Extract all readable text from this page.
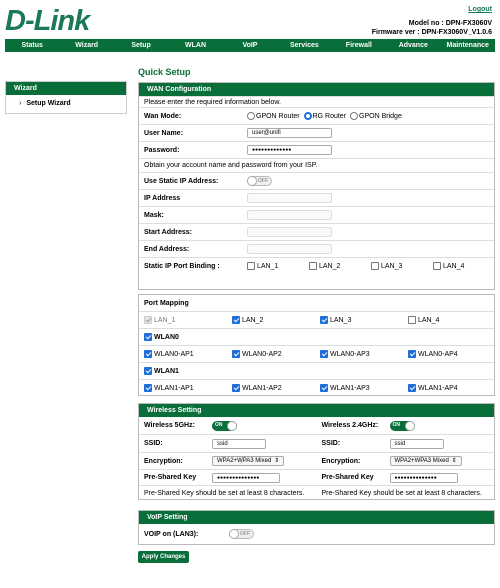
D-Link	Logout
Model no : DPN-FX3060V
Firmware ver : DPN-FX3060V_V1.0.6
Status	Wizard	Setup	WLAN	VoIP	Services	Firewall	Advance	Maintenance
Wizard
› Setup Wizard
Quick Setup
WAN Configuration
Please enter the required information below.
Wan Mode:	GPON Router RG Router GPON Bridge
User Name:	user@unifi
Password:	●●●●●●●●●●●●●
Obtain your account name and password from your ISP.
Use Static IP Address:	OFF
IP Address
Mask:
Start Address:
End Address:
Static IP Port Binding :	LAN_1	LAN_2	LAN_3	LAN_4
Port Mapping
LAN_1	LAN_2	LAN_3	LAN_4
WLAN0
WLAN0-AP1	WLAN0-AP2	WLAN0-AP3	WLAN0-AP4
WLAN1
WLAN1-AP1	WLAN1-AP2	WLAN1-AP3	WLAN1-AP4
Wireless Setting
Wireless 5GHz:	ON	Wireless 2.4GHz:	ON
SSID:	ssid	SSID:	ssid
Encryption:	WPA2+WPA3 Mixed ⇕	Encryption:	WPA2+WPA3 Mixed ⇕
Pre-Shared Key	●●●●●●●●●●●●●●	Pre-Shared Key	●●●●●●●●●●●●●●
Pre-Shared Key should be set at least 8 characters.	Pre-Shared Key should be set at least 8 characters.
VoIP Setting
VOIP on (LAN3):	OFF
Apply Changes
